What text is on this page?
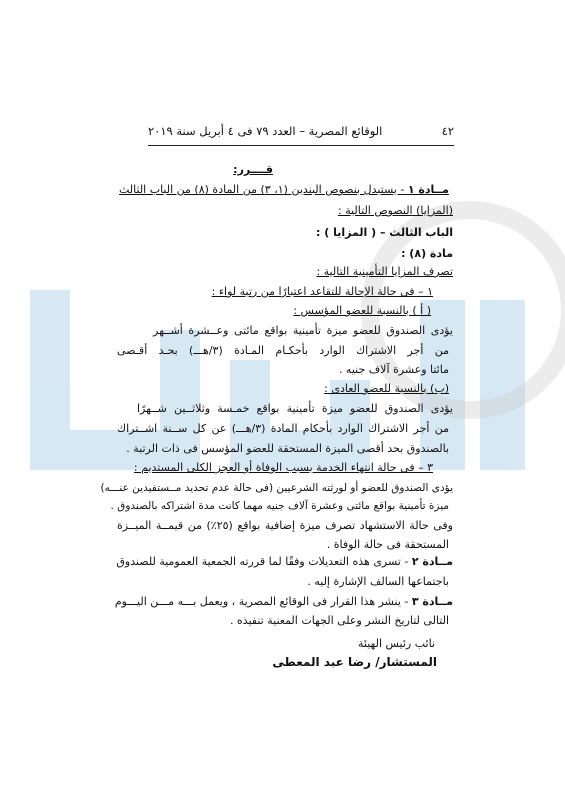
٤٢
الوقائع المصرية – العدد ٧٩ فى ٤ أبريل سنة ٢٠١٩
قــــرر:
مــادة ١ - يستبدل بنصوص البندين (١، ٣) من المادة (٨) من الباب الثالث
(المزايا) النصوص التالية :
الباب الثالث – ( المزايا ) :
مادة (٨) :
تصرف المزايا التأمينية التالية :
١ – فى حالة الإحالة للتقاعد اعتبارًا من رتبة لواء :
( أ ) بالنسبة للعضو المؤسس :
يؤدى الصندوق للعضو ميزة تأمينية بواقع مائتى وعــشرة أشــهر
من أجر الاشتراك الوارد بأحكـام المـادة (٣/هـــ) بحـد أقـصى
مائتا وعشرة آلاف جنيه .
(ب) بالنسبة للعضو العادى :
يؤدى الصندوق للعضو ميزة تأمينية بواقع خمـسة وثلاثــين شــهرًا
من أجر الاشتراك الوارد بأحكام المادة (٣/هـــ) عن كل ســنة اشــتراك
بالصندوق بحد أقصى الميزة المستحقة للعضو المؤسس فى ذات الرتبة .
٣ – فى حالة انتهاء الخدمة بسبب الوفاة أو العجز الكلى المستديم :
يؤدى الصندوق للعضو أو لورثته الشرعيين (فى حالة عدم تحديد مــستفيدين عنـــه)
ميزة تأمينية بواقع مائتى وعشرة آلاف جنيه مهما كانت مدة اشتراكه بالصندوق .
وفى حالة الاستشهاد تصرف ميزة إضافية بواقع (٢٥٪) من قيمــة الميــزة
المستحقة فى حالة الوفاة .
مــادة ٢ - تسرى هذه التعديلات وفقًا لما قررته الجمعية العمومية للصندوق
باجتماعها السالف الإشارة إليه .
مــادة ٣ - ينشر هذا القرار فى الوقائع المصرية ، ويعمل بـــه مـــن اليـــوم
التالى لتاريخ النشر وعلى الجهات المعنية تنفيذه .
نائب رئيس الهيئة
المستشار/ رضا عبد المعطى
